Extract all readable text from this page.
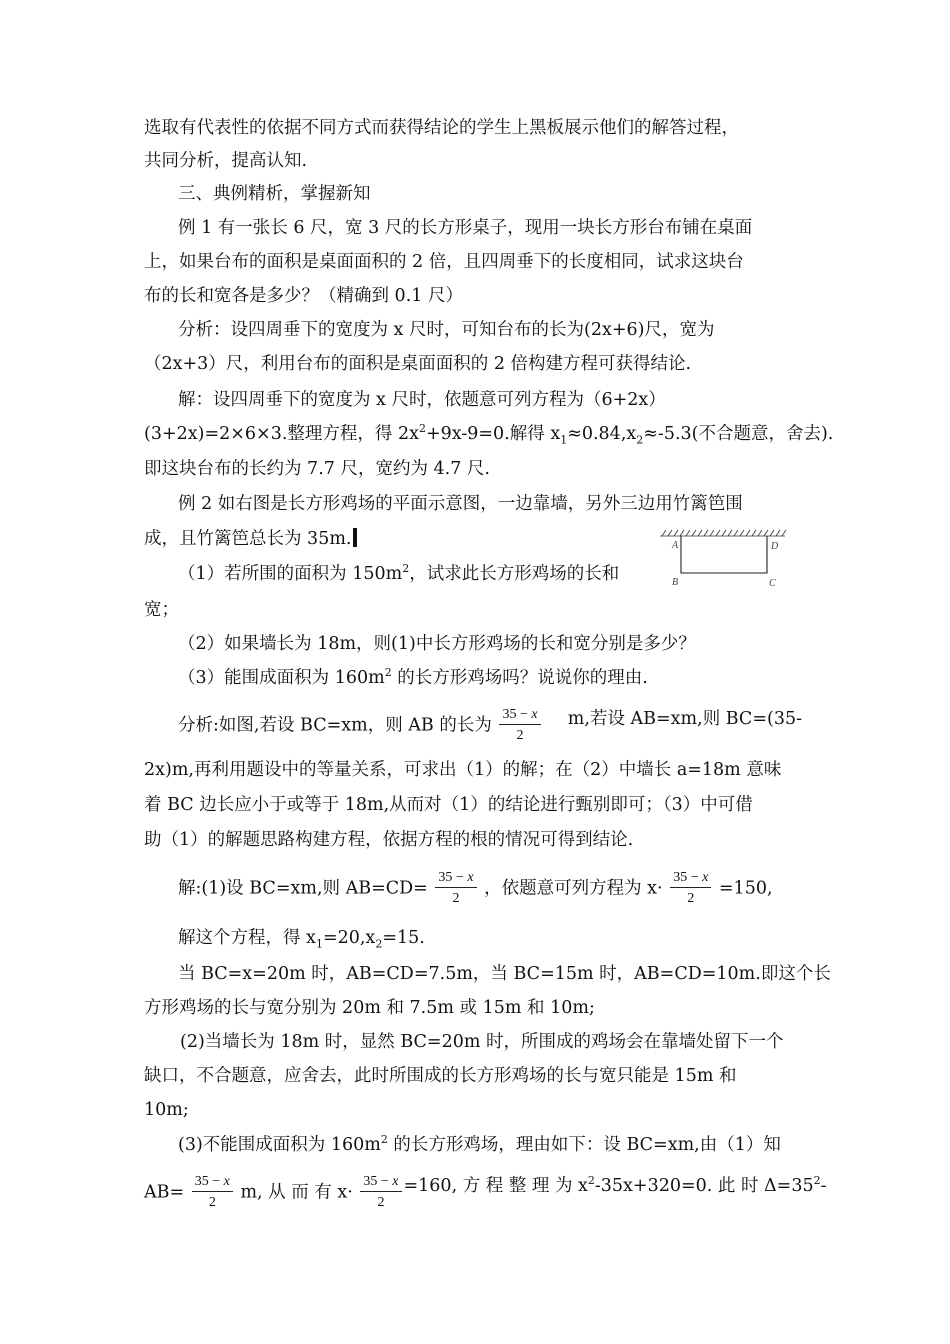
选取有代表性的依据不同方式而获得结论的学生上黑板展示他们的解答过程，
共同分析，提高认知.
三、典例精析，掌握新知
例 1 有一张长 6 尺，宽 3 尺的长方形桌子，现用一块长方形台布铺在桌面
上，如果台布的面积是桌面面积的 2 倍，且四周垂下的长度相同，试求这块台
布的长和宽各是多少？（精确到 0.1 尺）
分析：设四周垂下的宽度为 x 尺时，可知台布的长为(2x+6)尺，宽为
（2x+3）尺，利用台布的面积是桌面面积的 2 倍构建方程可获得结论.
解：设四周垂下的宽度为 x 尺时，依题意可列方程为（6+2x）
(3+2x)=2×6×3.整理方程，得 $2x^2+9x-9=0$.解得 $x_1\approx 0.84,x_2\approx-5.3$(不合题意，舍去).
即这块台布的长约为 7.7 尺，宽约为 4.7 尺.
例 2 如右图是长方形鸡场的平面示意图，一边靠墙，另外三边用竹篱笆围
成，且竹篱笆总长为 35m.
（1）若所围的面积为 $150m^2$，试求此长方形鸡场的长和
宽；
（2）如果墙长为 18m，则(1)中长方形鸡场的长和宽分别是多少？
（3）能围成面积为 $160m^2$ 的长方形鸡场吗？说说你的理由.
A	D
B	C
分析:如图,若设 BC=xm，则 AB 的长为 $\frac{35 - x}{2} m$,若设 AB=xm,则 BC=(35-
2x)m,再利用题设中的等量关系，可求出（1）的解；在（2）中墙长 a=18m 意味
着 BC 边长应小于或等于 18m,从而对（1）的结论进行甄别即可；（3）中可借
助（1）的解题思路构建方程，依据方程的根的情况可得到结论.
解:(1)设 BC=xm,则 $AB=CD= \frac{35 - x}{2}$ ，依题意可列方程为 $x\cdot \frac{35 - x}{2} =150$,
解这个方程，得 $x_1=20,x_2=15$.
当 BC=x=20m 时，AB=CD=7.5m，当 BC=15m 时，AB=CD=10m.即这个长
方形鸡场的长与宽分别为 20m 和 7.5m 或 15m 和 10m;
(2)当墙长为 18m 时，显然 BC=20m 时，所围成的鸡场会在靠墙处留下一个
缺口，不合题意，应舍去，此时所围成的长方形鸡场的长与宽只能是 15m 和
10m;
(3)不能围成面积为 $160m^2$ 的长方形鸡场，理由如下：设 BC=xm,由（1）知
$AB= \frac{35 - x}{2} m$, 从 而 有 $x\cdot \frac{35 - x}{2} =160$, 方 程 整 理 为 $x^2-35x+320=0$. 此 时 $\Delta=35^2-$
